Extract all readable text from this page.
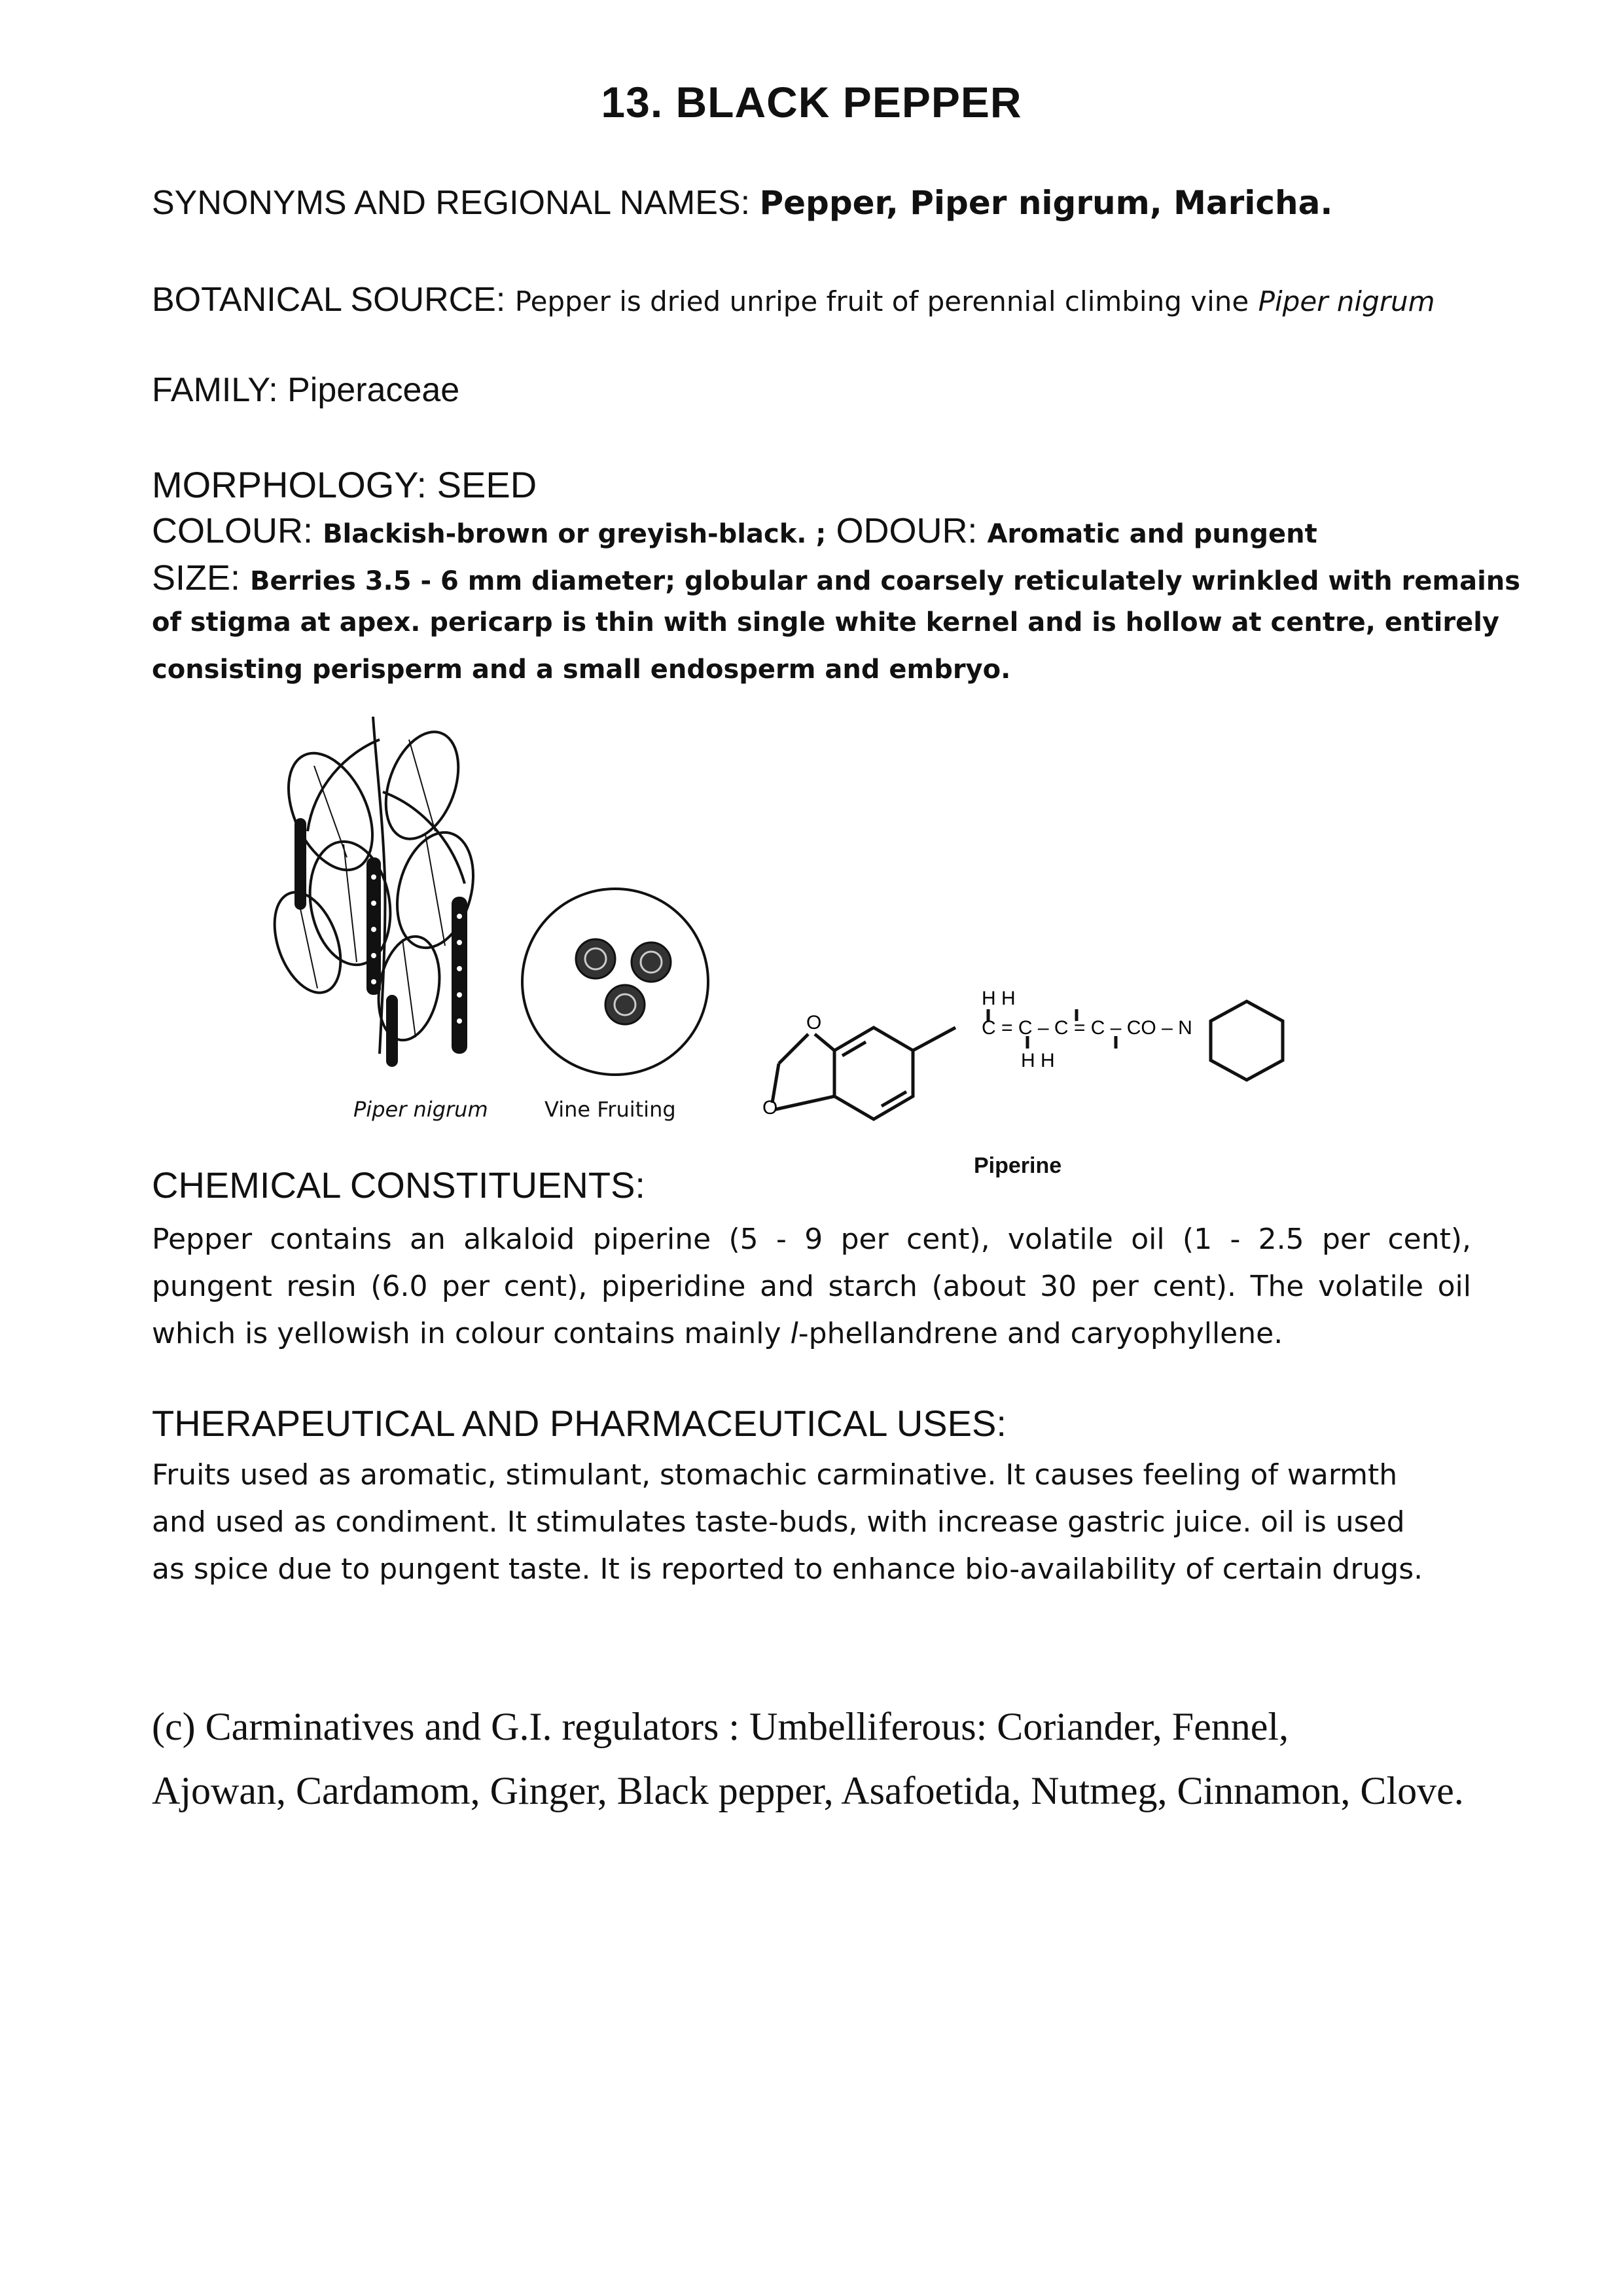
13. BLACK PEPPER
SYNONYMS AND REGIONAL NAMES: Pepper, Piper nigrum, Maricha.
BOTANICAL SOURCE: Pepper is dried unripe fruit of perennial climbing vine Piper nigrum
FAMILY: Piperaceae
MORPHOLOGY: SEED
COLOUR: Blackish-brown or greyish-black. ; ODOUR: Aromatic and pungent
SIZE: Berries 3.5 - 6 mm diameter; globular and coarsely reticulately wrinkled with remains
of stigma at apex. pericarp is thin with single white kernel and is hollow at centre, entirely
consisting perisperm and a small endosperm and embryo.
Piper nigrum	Vine Fruiting
H H
C = C – C = C – CO – N
H H
O
O
Piperine
CHEMICAL CONSTITUENTS:
Pepper contains an alkaloid piperine (5 - 9 per cent), volatile oil (1 - 2.5 per cent),
pungent resin (6.0 per cent), piperidine and starch (about 30 per cent). The volatile oil
which is yellowish in colour contains mainly l-phellandrene and caryophyllene.
THERAPEUTICAL AND PHARMACEUTICAL USES:
Fruits used as aromatic, stimulant, stomachic carminative. It causes feeling of warmth
and used as condiment. It stimulates taste-buds, with increase gastric juice. oil is used
as spice due to pungent taste. It is reported to enhance bio-availability of certain drugs.
(c) Carminatives and G.I. regulators : Umbelliferous: Coriander, Fennel,
Ajowan, Cardamom, Ginger, Black pepper, Asafoetida, Nutmeg, Cinnamon, Clove.
